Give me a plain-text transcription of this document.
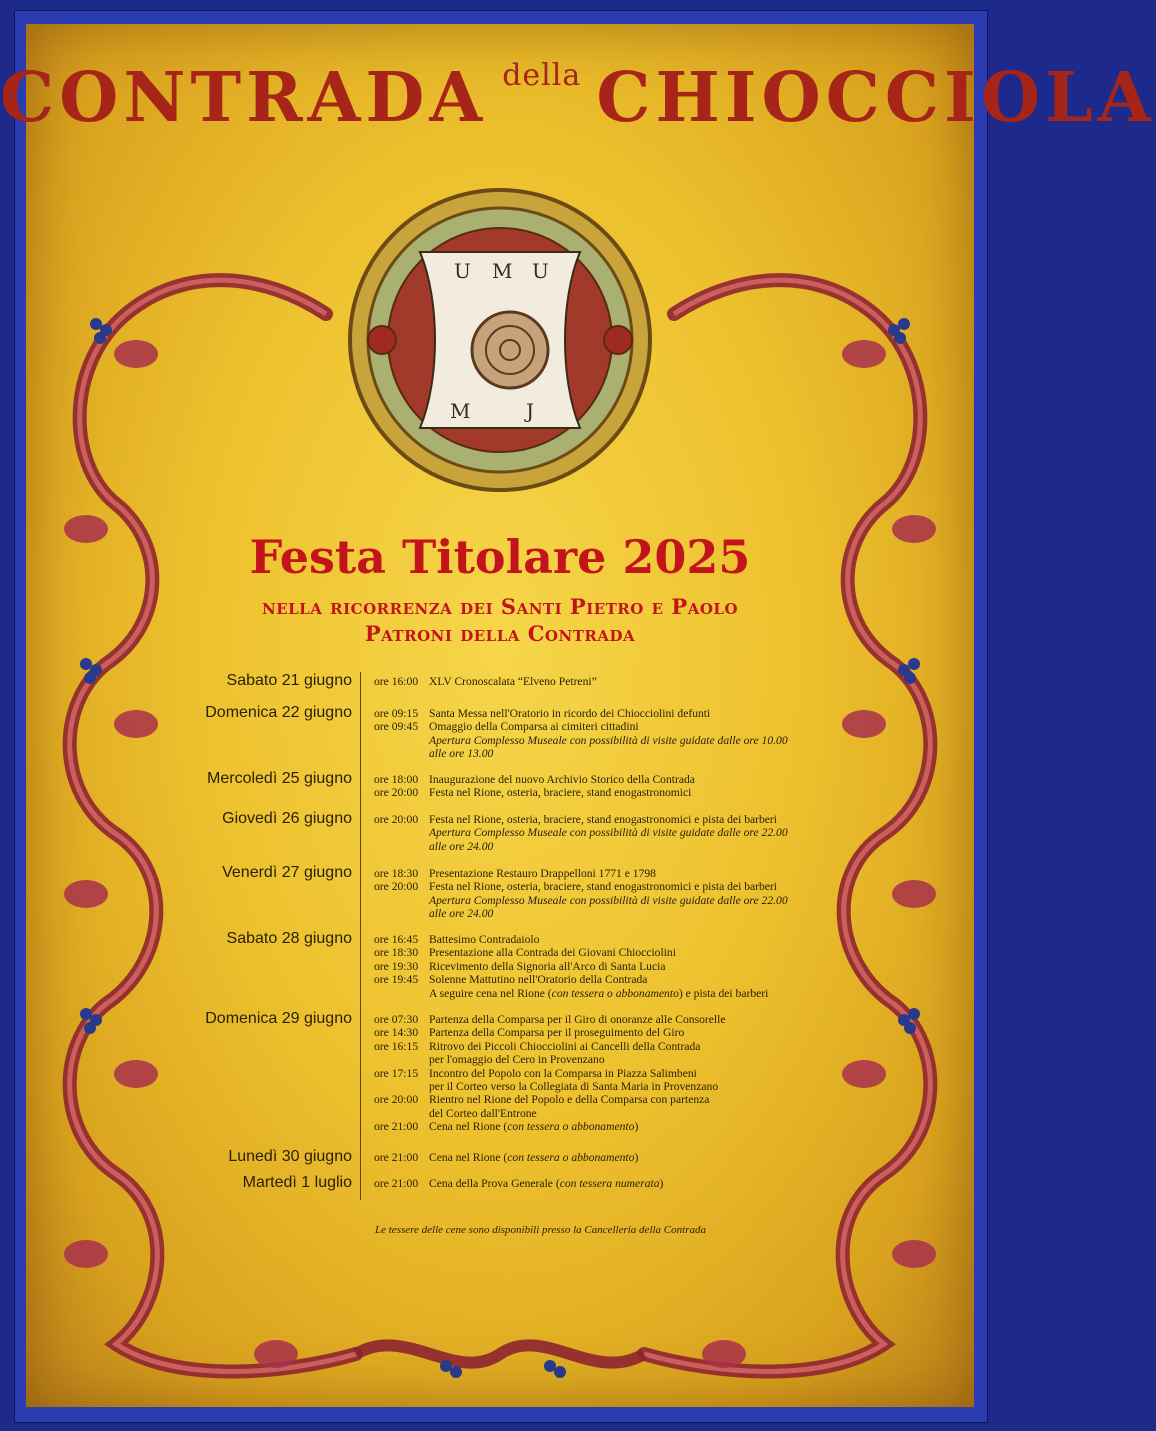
U M U
M	J
CONTRADA della CHIOCCIOLA
Festa Titolare 2025
nella ricorrenza dei Santi Pietro e Paolo
Patroni della Contrada
Sabato 21 giugno ore 16:00 XLV Cronoscalata “Elveno Petreni”
Domenica 22 giugno ore 09:15 Santa Messa nell'Oratorio in ricordo dei Chiocciolini defunti
ore 09:45 Omaggio della Comparsa ai cimiteri cittadini
Apertura Complesso Museale con possibilità di visite guidate dalle ore 10.00
alle ore 13.00
Mercoledì 25 giugno ore 18:00 Inaugurazione del nuovo Archivio Storico della Contrada
ore 20:00 Festa nel Rione, osteria, braciere, stand enogastronomici
Giovedì 26 giugno ore 20:00 Festa nel Rione, osteria, braciere, stand enogastronomici e pista dei barberi
Apertura Complesso Museale con possibilità di visite guidate dalle ore 22.00
alle ore 24.00
Venerdì 27 giugno ore 18:30 Presentazione Restauro Drappelloni 1771 e 1798
ore 20:00 Festa nel Rione, osteria, braciere, stand enogastronomici e pista dei barberi
Apertura Complesso Museale con possibilità di visite guidate dalle ore 22.00
alle ore 24.00
Sabato 28 giugno ore 16:45 Battesimo Contradaiolo
ore 18:30 Presentazione alla Contrada dei Giovani Chiocciolini
ore 19:30 Ricevimento della Signoria all'Arco di Santa Lucia
ore 19:45 Solenne Mattutino nell'Oratorio della Contrada
A seguire cena nel Rione (con tessera o abbonamento) e pista dei barberi
Domenica 29 giugno ore 07:30 Partenza della Comparsa per il Giro di onoranze alle Consorelle
ore 14:30 Partenza della Comparsa per il proseguimento del Giro
ore 16:15 Ritrovo dei Piccoli Chiocciolini ai Cancelli della Contrada
per l'omaggio del Cero in Provenzano
ore 17:15 Incontro del Popolo con la Comparsa in Piazza Salimbeni
per il Corteo verso la Collegiata di Santa Maria in Provenzano
ore 20:00 Rientro nel Rione del Popolo e della Comparsa con partenza
del Corteo dall'Entrone
ore 21:00 Cena nel Rione (con tessera o abbonamento)
Lunedì 30 giugno ore 21:00 Cena nel Rione (con tessera o abbonamento)
Martedì 1 luglio ore 21:00 Cena della Prova Generale (con tessera numerata)
Le tessere delle cene sono disponibili presso la Cancelleria della Contrada
